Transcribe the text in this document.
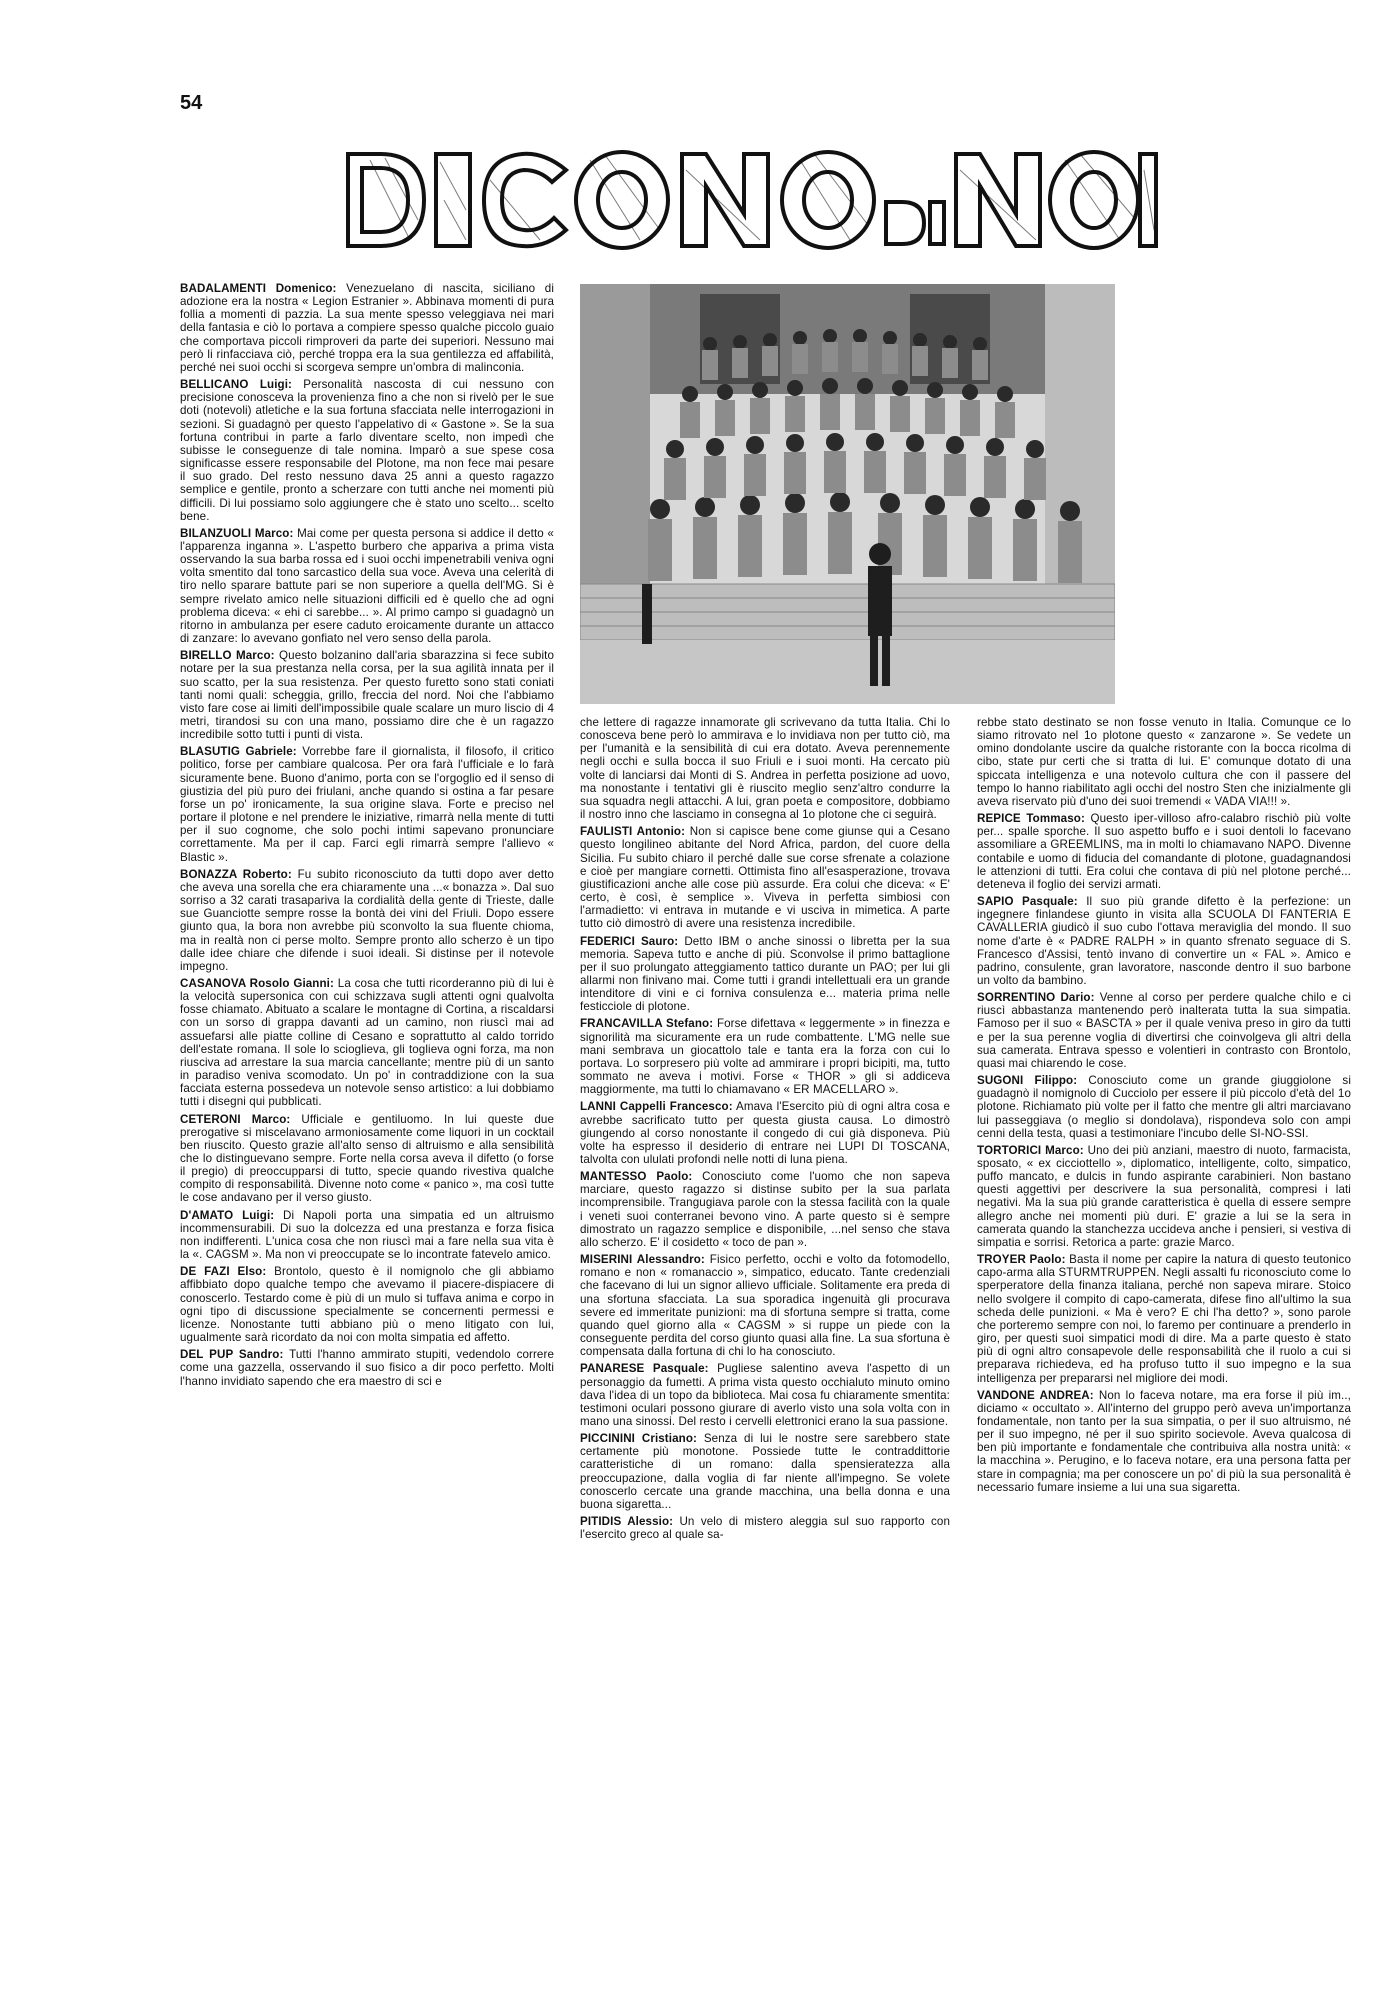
54

BADALAMENTI Domenico: Venezuelano di nascita, siciliano di adozione era la nostra « Legion Estranier ». Abbinava momenti di pura follia a momenti di pazzia. La sua mente spesso veleggiava nei mari della fantasia e ciò lo portava a compiere spesso qualche piccolo guaio che comportava piccoli rimproveri da parte dei superiori. Nessuno mai però li rinfacciava ciò, perché troppa era la sua gentilezza ed affabilità, perché nei suoi occhi si scorgeva sempre un'ombra di malinconia.

BELLICANO Luigi: Personalità nascosta di cui nessuno con precisione conosceva la provenienza fino a che non si rivelò per le sue doti (notevoli) atletiche e la sua fortuna sfacciata nelle interrogazioni in sezioni. Si guadagnò per questo l'appelativo di « Gastone ». Se la sua fortuna contribui in parte a farlo diventare scelto, non impedì che subisse le conseguenze di tale nomina. Imparò a sue spese cosa significasse essere responsabile del Plotone, ma non fece mai pesare il suo grado. Del resto nessuno dava 25 anni a questo ragazzo semplice e gentile, pronto a scherzare con tutti anche nei momenti più difficili. Di lui possiamo solo aggiungere che è stato uno scelto... scelto bene.

BILANZUOLI Marco: Mai come per questa persona si addice il detto « l'apparenza inganna ». L'aspetto burbero che appariva a prima vista osservando la sua barba rossa ed i suoi occhi impenetrabili veniva ogni volta smentito dal tono sarcastico della sua voce. Aveva una celerità di tiro nello sparare battute pari se non superiore a quella dell'MG. Si è sempre rivelato amico nelle situazioni difficili ed è quello che ad ogni problema diceva: « ehi ci sarebbe... ». Al primo campo si guadagnò un ritorno in ambulanza per esere caduto eroicamente durante un attacco di zanzare: lo avevano gonfiato nel vero senso della parola.

BIRELLO Marco: Questo bolzanino dall'aria sbarazzina si fece subito notare per la sua prestanza nella corsa, per la sua agilità innata per il suo scatto, per la sua resistenza. Per questo furetto sono stati coniati tanti nomi quali: scheggia, grillo, freccia del nord. Noi che l'abbiamo visto fare cose ai limiti dell'impossibile quale scalare un muro liscio di 4 metri, tirandosi su con una mano, possiamo dire che è un ragazzo incredibile sotto tutti i punti di vista.

BLASUTIG Gabriele: Vorrebbe fare il giornalista, il filosofo, il critico politico, forse per cambiare qualcosa. Per ora farà l'ufficiale e lo farà sicuramente bene. Buono d'animo, porta con se l'orgoglio ed il senso di giustizia del più puro dei friulani, anche quando si ostina a far pesare forse un po' ironicamente, la sua origine slava. Forte e preciso nel portare il plotone e nel prendere le iniziative, rimarrà nella mente di tutti per il suo cognome, che solo pochi intimi sapevano pronunciare correttamente. Ma per il cap. Farci egli rimarrà sempre l'allievo « Blastic ».

BONAZZA Roberto: Fu subito riconosciuto da tutti dopo aver detto che aveva una sorella che era chiaramente una ...« bonazza ». Dal suo sorriso a 32 carati trasapariva la cordialità della gente di Trieste, dalle sue Guanciotte sempre rosse la bontà dei vini del Friuli. Dopo essere giunto qua, la bora non avrebbe più sconvolto la sua fluente chioma, ma in realtà non ci perse molto. Sempre pronto allo scherzo è un tipo dalle idee chiare che difende i suoi ideali. Si distinse per il notevole impegno.

CASANOVA Rosolo Gianni: La cosa che tutti ricorderanno più di lui è la velocità supersonica con cui schizzava sugli attenti ogni qualvolta fosse chiamato. Abituato a scalare le montagne di Cortina, a riscaldarsi con un sorso di grappa davanti ad un camino, non riuscì mai ad assuefarsi alle piatte colline di Cesano e soprattutto al caldo torrido dell'estate romana. Il sole lo scioglieva, gli toglieva ogni forza, ma non riusciva ad arrestare la sua marcia cancellante; mentre più di un santo in paradiso veniva scomodato. Un po' in contraddizione con la sua facciata esterna possedeva un notevole senso artistico: a lui dobbiamo tutti i disegni qui pubblicati.

CETERONI Marco: Ufficiale e gentiluomo. In lui queste due prerogative si miscelavano armoniosamente come liquori in un cocktail ben riuscito. Questo grazie all'alto senso di altruismo e alla sensibilità che lo distinguevano sempre. Forte nella corsa aveva il difetto (o forse il pregio) di preoccupparsi di tutto, specie quando rivestiva qualche compito di responsabilità. Divenne noto come « panico », ma così tutte le cose andavano per il verso giusto.

D'AMATO Luigi: Di Napoli porta una simpatia ed un altruismo incommensurabili. Di suo la dolcezza ed una prestanza e forza fisica non indifferenti. L'unica cosa che non riuscì mai a fare nella sua vita è la «. CAGSM ». Ma non vi preoccupate se lo incontrate fatevelo amico.

DE FAZI Elso: Brontolo, questo è il nomignolo che gli abbiamo affibbiato dopo qualche tempo che avevamo il piacere-dispiacere di conoscerlo. Testardo come è più di un mulo si tuffava anima e corpo in ogni tipo di discussione specialmente se concernenti permessi e licenze. Nonostante tutti abbiano più o meno litigato con lui, ugualmente sarà ricordato da noi con molta simpatia ed affetto.

DEL PUP Sandro: Tutti l'hanno ammirato stupiti, vedendolo correre come una gazzella, osservando il suo fisico a dir poco perfetto. Molti l'hanno invidiato sapendo che era maestro di sci e

che lettere di ragazze innamorate gli scrivevano da tutta Italia. Chi lo conosceva bene però lo ammirava e lo invidiava non per tutto ciò, ma per l'umanità e la sensibilità di cui era dotato. Aveva perennemente negli occhi e sulla bocca il suo Friuli e i suoi monti. Ha cercato più volte di lanciarsi dai Monti di S. Andrea in perfetta posizione ad uovo, ma nonostante i tentativi gli è riuscito meglio senz'altro condurre la sua squadra negli attacchi. A lui, gran poeta e compositore, dobbiamo il nostro inno che lasciamo in consegna al 1o plotone che ci seguirà.

FAULISTI Antonio: Non si capisce bene come giunse qui a Cesano questo longilineo abitante del Nord Africa, pardon, del cuore della Sicilia. Fu subito chiaro il perché dalle sue corse sfrenate a colazione e cioè per mangiare cornetti. Ottimista fino all'esasperazione, trovava giustificazioni anche alle cose più assurde. Era colui che diceva: « E' certo, è così, è semplice ». Viveva in perfetta simbiosi con l'armadietto: vi entrava in mutande e vi usciva in mimetica. A parte tutto ciò dimostrò di avere una resistenza incredibile.

FEDERICI Sauro: Detto IBM o anche sinossi o libretta per la sua memoria. Sapeva tutto e anche di più. Sconvolse il primo battaglione per il suo prolungato atteggiamento tattico durante un PAO; per lui gli allarmi non finivano mai. Come tutti i grandi intellettuali era un grande intenditore di vini e ci forniva consulenza e... materia prima nelle festicciole di plotone.

FRANCAVILLA Stefano: Forse difettava « leggermente » in finezza e signorilità ma sicuramente era un rude combattente. L'MG nelle sue mani sembrava un giocattolo tale e tanta era la forza con cui lo portava. Lo sorpresero più volte ad ammirare i propri bicipiti, ma, tutto sommato ne aveva i motivi. Forse « THOR » gli si addiceva maggiormente, ma tutti lo chiamavano « ER MACELLARO ».

LANNI Cappelli Francesco: Amava l'Esercito più di ogni altra cosa e avrebbe sacrificato tutto per questa giusta causa. Lo dimostrò giungendo al corso nonostante il congedo di cui già disponeva. Più volte ha espresso il desiderio di entrare nei LUPI DI TOSCANA, talvolta con ululati profondi nelle notti di luna piena.

MANTESSO Paolo: Conosciuto come l'uomo che non sapeva marciare, questo ragazzo si distinse subito per la sua parlata incomprensibile. Trangugiava parole con la stessa facilità con la quale i veneti suoi conterranei bevono vino. A parte questo si è sempre dimostrato un ragazzo semplice e disponibile, ...nel senso che stava allo scherzo. E' il cosidetto « toco de pan ».

MISERINI Alessandro: Fisico perfetto, occhi e volto da fotomodello, romano e non « romanaccio », simpatico, educato. Tante credenziali che facevano di lui un signor allievo ufficiale. Solitamente era preda di una sfortuna sfacciata. La sua sporadica ingenuità gli procurava severe ed immeritate punizioni: ma di sfortuna sempre si tratta, come quando quel giorno alla « CAGSM » si ruppe un piede con la conseguente perdita del corso giunto quasi alla fine. La sua sfortuna è compensata dalla fortuna di chi lo ha conosciuto.

PANARESE Pasquale: Pugliese salentino aveva l'aspetto di un personaggio da fumetti. A prima vista questo occhialuto minuto omino dava l'idea di un topo da biblioteca. Mai cosa fu chiaramente smentita: testimoni oculari possono giurare di averlo visto una sola volta con in mano una sinossi. Del resto i cervelli elettronici erano la sua passione.

PICCININI Cristiano: Senza di lui le nostre sere sarebbero state certamente più monotone. Possiede tutte le contraddittorie caratteristiche di un romano: dalla spensieratezza alla preoccupazione, dalla voglia di far niente all'impegno. Se volete conoscerlo cercate una grande macchina, una bella donna e una buona sigaretta...

PITIDIS Alessio: Un velo di mistero aleggia sul suo rapporto con l'esercito greco al quale sa-

rebbe stato destinato se non fosse venuto in Italia. Comunque ce lo siamo ritrovato nel 1o plotone questo « zanzarone ». Se vedete un omino dondolante uscire da qualche ristorante con la bocca ricolma di cibo, state pur certi che si tratta di lui. E' comunque dotato di una spiccata intelligenza e una notevolo cultura che con il passere del tempo lo hanno riabilitato agli occhi del nostro Sten che inizialmente gli aveva riservato più d'uno dei suoi tremendi « VADA VIA!!! ».

REPICE Tommaso: Questo iper-villoso afro-calabro rischiò più volte per... spalle sporche. Il suo aspetto buffo e i suoi dentoli lo facevano assomiliare a GREEMLINS, ma in molti lo chiamavano NAPO. Divenne contabile e uomo di fiducia del comandante di plotone, guadagnandosi le attenzioni di tutti. Era colui che contava di più nel plotone perché... deteneva il foglio dei servizi armati.

SAPIO Pasquale: Il suo più grande difetto è la perfezione: un ingegnere finlandese giunto in visita alla SCUOLA DI FANTERIA E CAVALLERIA giudicò il suo cubo l'ottava meraviglia del mondo. Il suo nome d'arte è « PADRE RALPH » in quanto sfrenato seguace di S. Francesco d'Assisi, tentò invano di convertire un « FAL ». Amico e padrino, consulente, gran lavoratore, nasconde dentro il suo barbone un volto da bambino.

SORRENTINO Dario: Venne al corso per perdere qualche chilo e ci riuscì abbastanza mantenendo però inalterata tutta la sua simpatia. Famoso per il suo « BASCTA » per il quale veniva preso in giro da tutti e per la sua perenne voglia di divertirsi che coinvolgeva gli altri della sua camerata. Entrava spesso e volentieri in contrasto con Brontolo, quasi mai chiarendo le cose.

SUGONI Filippo: Conosciuto come un grande giuggiolone si guadagnò il nomignolo di Cucciolo per essere il più piccolo d'età del 1o plotone. Richiamato più volte per il fatto che mentre gli altri marciavano lui passeggiava (o meglio si dondolava), rispondeva solo con ampi cenni della testa, quasi a testimoniare l'incubo delle SI-NO-SSI.

TORTORICI Marco: Uno dei più anziani, maestro di nuoto, farmacista, sposato, « ex cicciottello », diplomatico, intelligente, colto, simpatico, puffo mancato, e dulcis in fundo aspirante carabinieri. Non bastano questi aggettivi per descrivere la sua personalità, compresi i lati negativi. Ma la sua più grande caratteristica è quella di essere sempre allegro anche nei momenti più duri. E' grazie a lui se la sera in camerata quando la stanchezza uccideva anche i pensieri, si vestiva di simpatia e sorrisi. Retorica a parte: grazie Marco.

TROYER Paolo: Basta il nome per capire la natura di questo teutonico capo-arma alla STURMTRUPPEN. Negli assalti fu riconosciuto come lo sperperatore della finanza italiana, perché non sapeva mirare. Stoico nello svolgere il compito di capo-camerata, difese fino all'ultimo la sua scheda delle punizioni. « Ma è vero? E chi l'ha detto? », sono parole che porteremo sempre con noi, lo faremo per continuare a prenderlo in giro, per questi suoi simpatici modi di dire. Ma a parte questo è stato più di ogni altro consapevole delle responsabilità che il ruolo a cui si preparava richiedeva, ed ha profuso tutto il suo impegno e la sua intelligenza per prepararsi nel migliore dei modi.

VANDONE ANDREA: Non lo faceva notare, ma era forse il più im.., diciamo « occultato ». All'interno del gruppo però aveva un'importanza fondamentale, non tanto per la sua simpatia, o per il suo altruismo, né per il suo impegno, né per il suo spirito socievole. Aveva qualcosa di ben più importante e fondamentale che contribuiva alla nostra unità: « la macchina ». Perugino, e lo faceva notare, era una persona fatta per stare in compagnia; ma per conoscere un po' di più la sua personalità è necessario fumare insieme a lui una sua sigaretta.
